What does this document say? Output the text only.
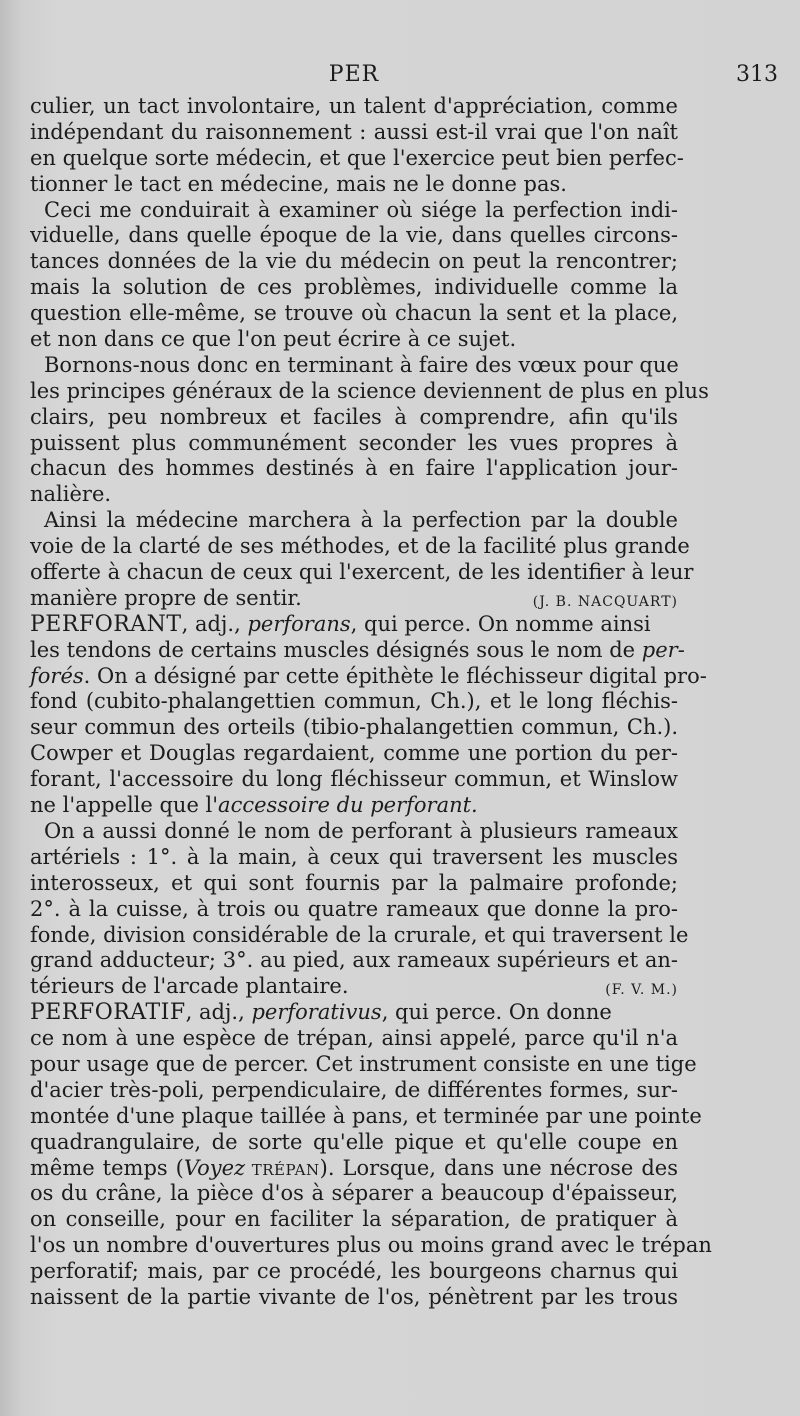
PER	313
culier, un tact involontaire, un talent d'appréciation, comme
indépendant du raisonnement : aussi est-il vrai que l'on naît
en quelque sorte médecin, et que l'exercice peut bien perfec-
tionner le tact en médecine, mais ne le donne pas.
Ceci me conduirait à examiner où siége la perfection indi-
viduelle, dans quelle époque de la vie, dans quelles circons-
tances données de la vie du médecin on peut la rencontrer;
mais la solution de ces problèmes, individuelle comme la
question elle-même, se trouve où chacun la sent et la place,
et non dans ce que l'on peut écrire à ce sujet.
Bornons-nous donc en terminant à faire des vœux pour que
les principes généraux de la science deviennent de plus en plus
clairs, peu nombreux et faciles à comprendre, afin qu'ils
puissent plus communément seconder les vues propres à
chacun des hommes destinés à en faire l'application jour-
nalière.
Ainsi la médecine marchera à la perfection par la double
voie de la clarté de ses méthodes, et de la facilité plus grande
offerte à chacun de ceux qui l'exercent, de les identifier à leur
manière propre de sentir.	(J. B. NACQUART)
PERFORANT, adj., perforans, qui perce. On nomme ainsi
les tendons de certains muscles désignés sous le nom de per-
forés. On a désigné par cette épithète le fléchisseur digital pro-
fond (cubito-phalangettien commun, Ch.), et le long fléchis-
seur commun des orteils (tibio-phalangettien commun, Ch.).
Cowper et Douglas regardaient, comme une portion du per-
forant, l'accessoire du long fléchisseur commun, et Winslow
ne l'appelle que l'accessoire du perforant.
On a aussi donné le nom de perforant à plusieurs rameaux
artériels : 1°. à la main, à ceux qui traversent les muscles
interosseux, et qui sont fournis par la palmaire profonde;
2°. à la cuisse, à trois ou quatre rameaux que donne la pro-
fonde, division considérable de la crurale, et qui traversent le
grand adducteur; 3°. au pied, aux rameaux supérieurs et an-
térieurs de l'arcade plantaire.	(F. V. M.)
PERFORATIF, adj., perforativus, qui perce. On donne
ce nom à une espèce de trépan, ainsi appelé, parce qu'il n'a
pour usage que de percer. Cet instrument consiste en une tige
d'acier très-poli, perpendiculaire, de différentes formes, sur-
montée d'une plaque taillée à pans, et terminée par une pointe
quadrangulaire, de sorte qu'elle pique et qu'elle coupe en
même temps (Voyez TRÉPAN). Lorsque, dans une nécrose des
os du crâne, la pièce d'os à séparer a beaucoup d'épaisseur,
on conseille, pour en faciliter la séparation, de pratiquer à
l'os un nombre d'ouvertures plus ou moins grand avec le trépan
perforatif; mais, par ce procédé, les bourgeons charnus qui
naissent de la partie vivante de l'os, pénètrent par les trous
